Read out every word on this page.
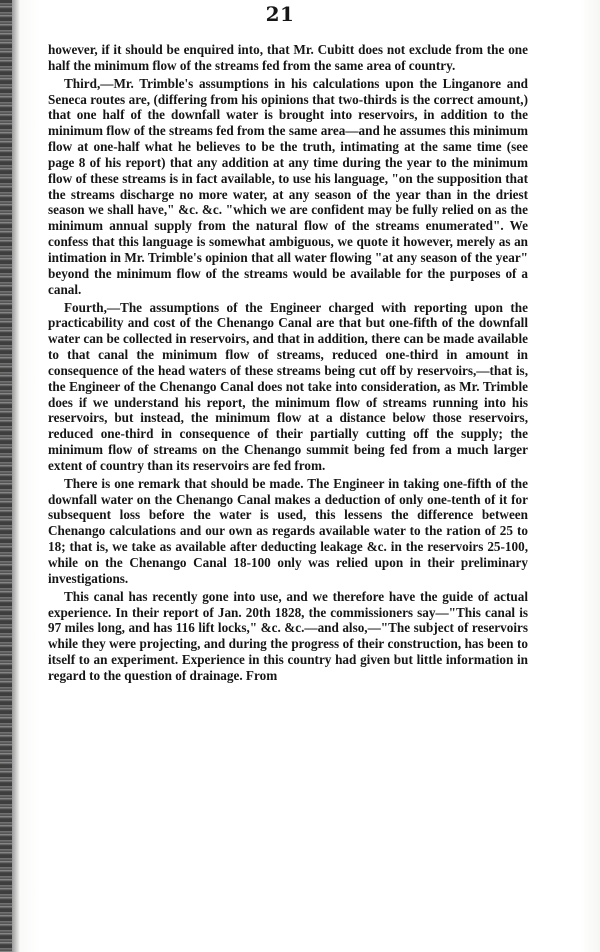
21

however, if it should be enquired into, that Mr. Cubitt does not exclude from the one half the minimum flow of the streams fed from the same area of country.

Third,—Mr. Trimble's assumptions in his calculations upon the Linganore and Seneca routes are, (differing from his opinions that two-thirds is the correct amount,) that one half of the downfall water is brought into reservoirs, in addition to the minimum flow of the streams fed from the same area—and he assumes this minimum flow at one-half what he believes to be the truth, intimating at the same time (see page 8 of his report) that any addition at any time during the year to the minimum flow of these streams is in fact available, to use his language, "on the supposition that the streams discharge no more water, at any season of the year than in the driest season we shall have," &c. &c. "which we are confident may be fully relied on as the minimum annual supply from the natural flow of the streams enumerated". We confess that this language is somewhat ambiguous, we quote it however, merely as an intimation in Mr. Trimble's opinion that all water flowing "at any season of the year" beyond the minimum flow of the streams would be available for the purposes of a canal.

Fourth,—The assumptions of the Engineer charged with reporting upon the practicability and cost of the Chenango Canal are that but one-fifth of the downfall water can be collected in reservoirs, and that in addition, there can be made available to that canal the minimum flow of streams, reduced one-third in amount in consequence of the head waters of these streams being cut off by reservoirs,—that is, the Engineer of the Chenango Canal does not take into consideration, as Mr. Trimble does if we understand his report, the minimum flow of streams running into his reservoirs, but instead, the minimum flow at a distance below those reservoirs, reduced one-third in consequence of their partially cutting off the supply; the minimum flow of streams on the Chenango summit being fed from a much larger extent of country than its reservoirs are fed from.

There is one remark that should be made. The Engineer in taking one-fifth of the downfall water on the Chenango Canal makes a deduction of only one-tenth of it for subsequent loss before the water is used, this lessens the difference between Chenango calculations and our own as regards available water to the ration of 25 to 18; that is, we take as available after deducting leakage &c. in the reservoirs 25-100, while on the Chenango Canal 18-100 only was relied upon in their preliminary investigations.

This canal has recently gone into use, and we therefore have the guide of actual experience. In their report of Jan. 20th 1828, the commissioners say—"This canal is 97 miles long, and has 116 lift locks," &c. &c.—and also,—"The subject of reservoirs while they were projecting, and during the progress of their construction, has been to itself to an experiment. Experience in this country had given but little information in regard to the question of drainage. From
